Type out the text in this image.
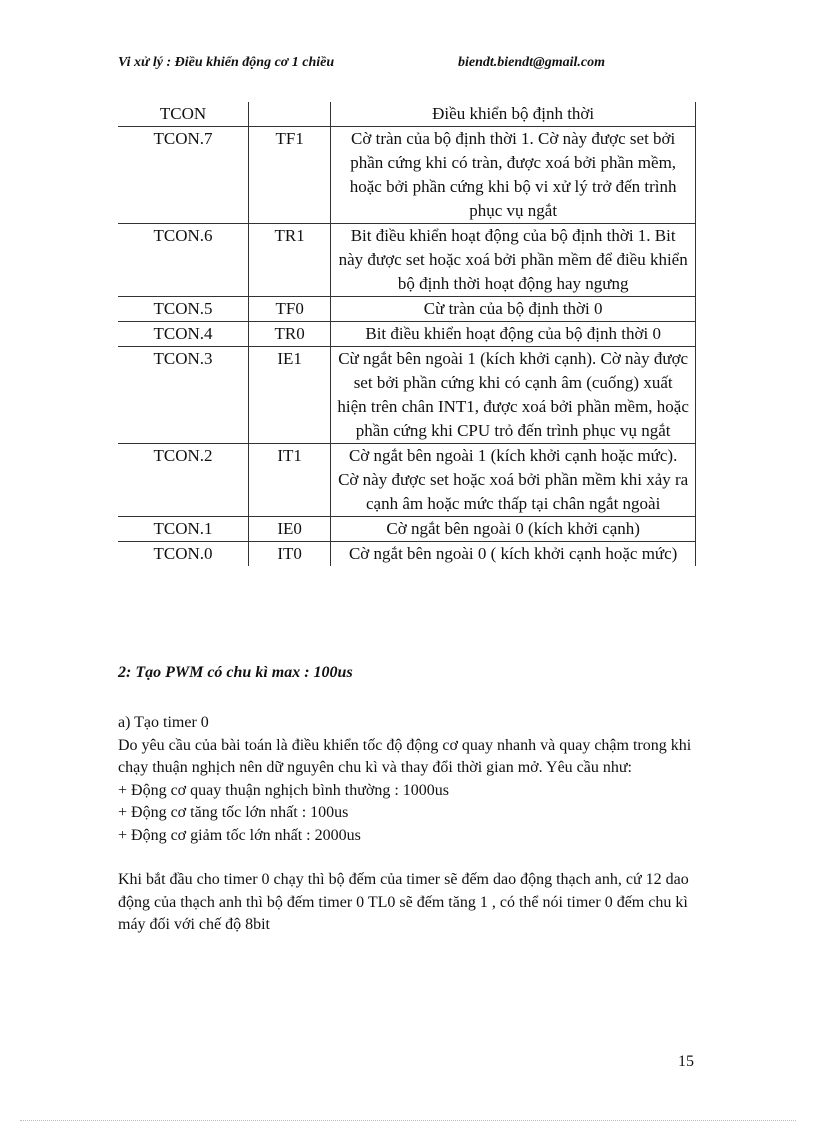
Vi xử lý : Điều khiển động cơ 1 chiều	biendt.biendt@gmail.com
TCON		Điều khiển bộ định thời
TCON.7	TF1	Cờ tràn của bộ định thời 1. Cờ này được set bởi phần cứng khi có tràn, được xoá bởi phần mềm, hoặc bởi phần cứng khi bộ vi xử lý trở đến trình phục vụ ngắt
TCON.6	TR1	Bit điều khiển hoạt động của bộ định thời 1. Bit này được set hoặc xoá bởi phần mềm để điều khiển bộ định thời hoạt động hay ngưng
TCON.5	TF0	Cừ tràn của bộ định thời 0
TCON.4	TR0	Bit điều khiển hoạt động của bộ định thời 0
TCON.3	IE1	Cừ ngắt bên ngoài 1 (kích khởi cạnh). Cờ này được set bởi phần cứng khi có cạnh âm (cuống) xuất hiện trên chân INT1, được xoá bởi phần mềm, hoặc phần cứng khi CPU trỏ đến trình phục vụ ngắt
TCON.2	IT1	Cờ ngắt bên ngoài 1 (kích khởi cạnh hoặc mức). Cờ này được set hoặc xoá bởi phần mềm khi xảy ra cạnh âm hoặc mức thấp tại chân ngắt ngoài
TCON.1	IE0	Cờ ngắt bên ngoài 0 (kích khởi cạnh)
TCON.0	IT0	Cờ ngắt bên ngoài 0 ( kích khởi cạnh hoặc mức)
2: Tạo PWM có chu kì max : 100us

a) Tạo timer 0

Do yêu cầu của bài toán là điều khiển tốc độ động cơ quay nhanh và quay chậm trong khi chạy thuận nghịch nên dữ nguyên chu kì và thay đổi thời gian mở. Yêu cầu như:

+ Động cơ quay thuận nghịch bình thường : 1000us

+ Động cơ tăng tốc lớn nhất : 100us

+ Động cơ giảm tốc lớn nhất : 2000us

Khi bắt đầu cho timer 0 chạy thì bộ đếm của timer sẽ đếm dao động thạch anh, cứ 12 dao động của thạch anh thì bộ đếm timer 0 TL0 sẽ đếm tăng 1 , có thể nói timer 0 đếm chu kì máy đối với chế độ 8bit

15
